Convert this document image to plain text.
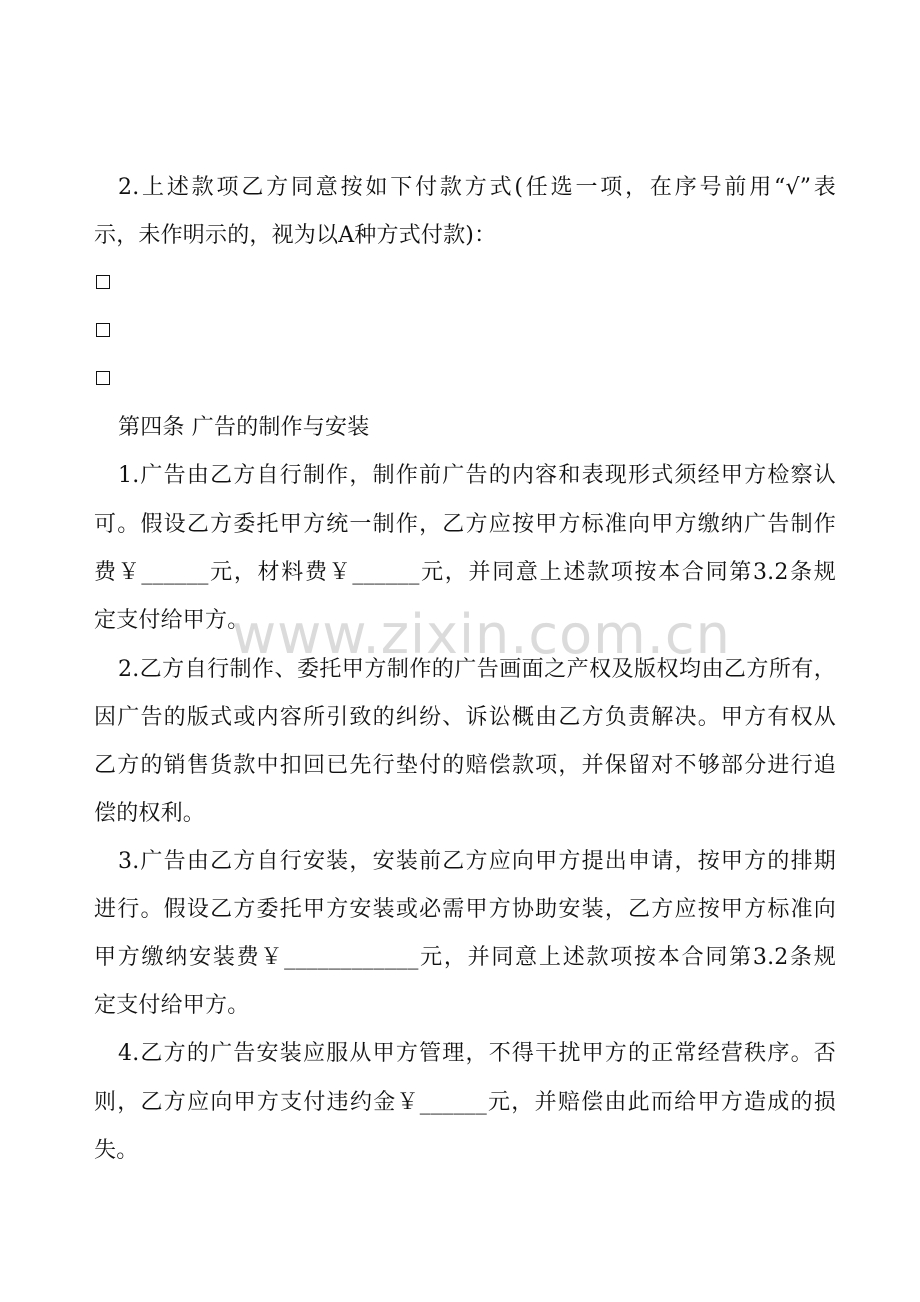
www.zixin.com.cn
2.上述款项乙方同意按如下付款方式(任选一项，在序号前用“√”表
示，未作明示的，视为以A种方式付款)：
第四条 广告的制作与安装
1.广告由乙方自行制作，制作前广告的内容和表现形式须经甲方检察认
可。假设乙方委托甲方统一制作，乙方应按甲方标准向甲方缴纳广告制作
费￥______元，材料费￥______元，并同意上述款项按本合同第3.2条规
定支付给甲方。
2.乙方自行制作、委托甲方制作的广告画面之产权及版权均由乙方所有，
因广告的版式或内容所引致的纠纷、诉讼概由乙方负责解决。甲方有权从
乙方的销售货款中扣回已先行垫付的赔偿款项，并保留对不够部分进行追
偿的权利。
3.广告由乙方自行安装，安装前乙方应向甲方提出申请，按甲方的排期
进行。假设乙方委托甲方安装或必需甲方协助安装，乙方应按甲方标准向
甲方缴纳安装费￥____________元，并同意上述款项按本合同第3.2条规
定支付给甲方。
4.乙方的广告安装应服从甲方管理，不得干扰甲方的正常经营秩序。否
则，乙方应向甲方支付违约金￥______元，并赔偿由此而给甲方造成的损
失。
